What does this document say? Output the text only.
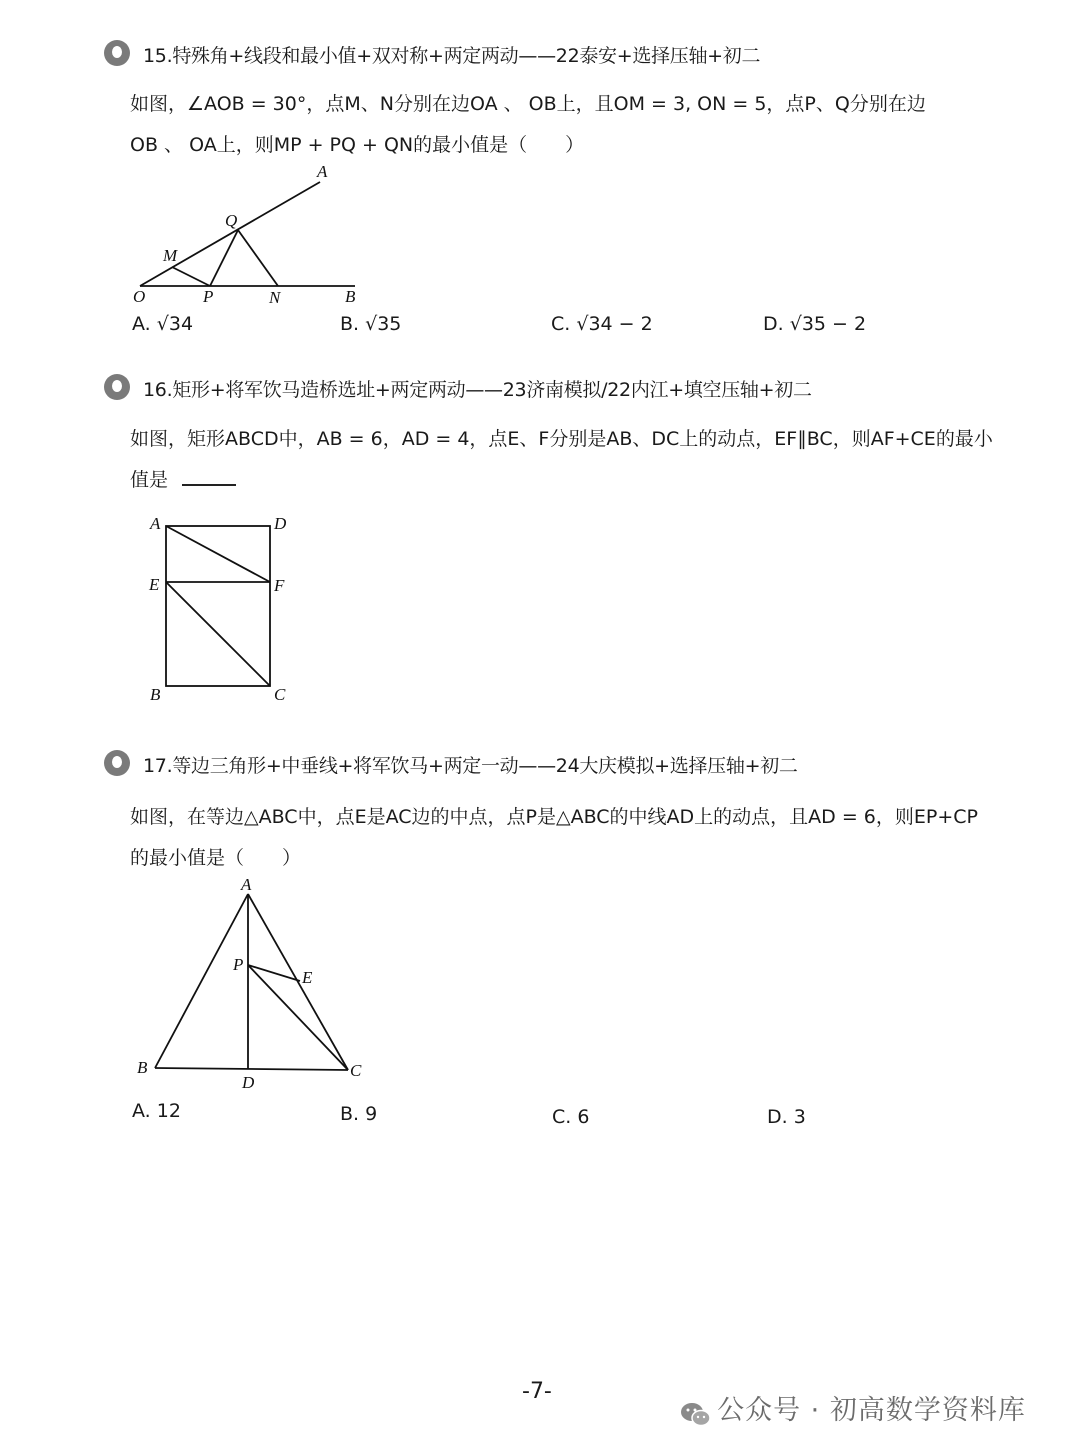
15.特殊角+线段和最小值+双对称+两定两动——22泰安+选择压轴+初二
如图，∠AOB = 30°，点M、N分别在边OA 、 OB上，且OM = 3, ON = 5，点P、Q分别在边
OB 、 OA上，则MP + PQ + QN的最小值是（　　）
A
Q
M
O	P	N	B
A. √34	B. √35	C. √34 − 2	D. √35 − 2
16.矩形+将军饮马造桥选址+两定两动——23济南模拟/22内江+填空压轴+初二
如图，矩形ABCD中，AB = 6，AD = 4，点E、F分别是AB、DC上的动点，EF∥BC，则AF+CE的最小
值是
A	D
E	F
B	C
17.等边三角形+中垂线+将军饮马+两定一动——24大庆模拟+选择压轴+初二
如图，在等边△ABC中，点E是AC边的中点，点P是△ABC的中线AD上的动点，且AD = 6，则EP+CP
的最小值是（　　）
A
P
E
B
D
C
A. 12	B. 9	C. 6	D. 3
-7-
公众号 · 初高数学资料库
